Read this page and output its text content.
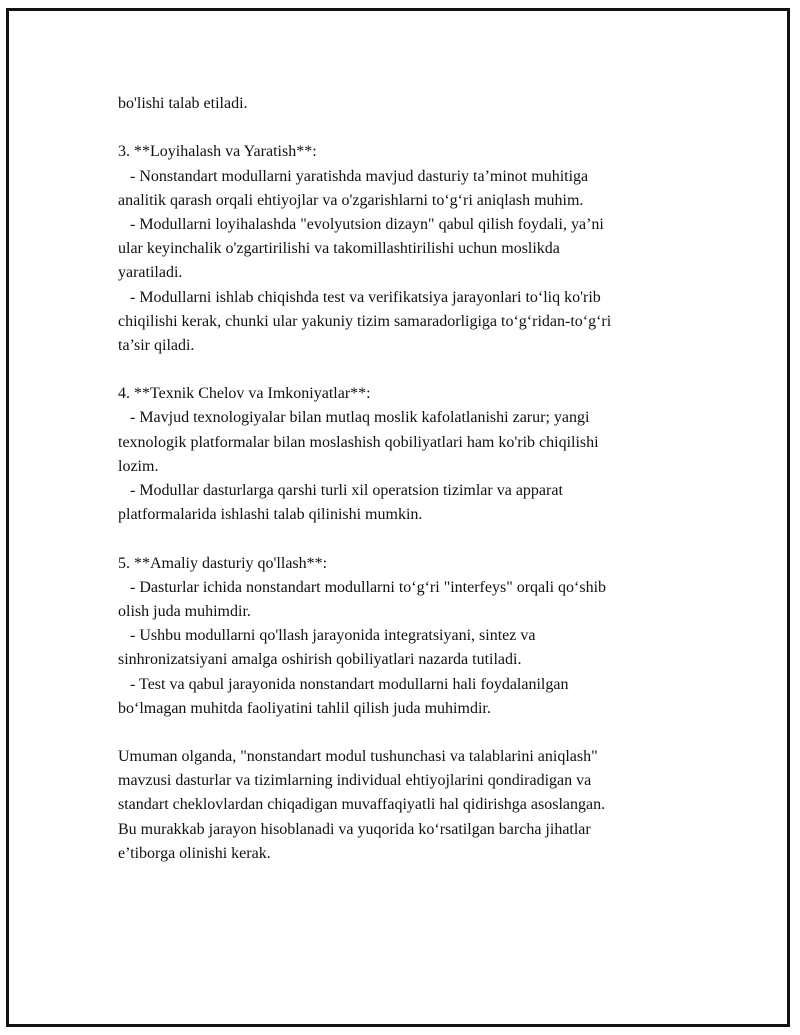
bo'lishi talab etiladi.
3. **Loyihalash va Yaratish**:
- Nonstandart modullarni yaratishda mavjud dasturiy ta’minot muhitiga
analitik qarash orqali ehtiyojlar va o'zgarishlarni to‘g‘ri aniqlash muhim.
- Modullarni loyihalashda "evolyutsion dizayn" qabul qilish foydali, ya’ni
ular keyinchalik o'zgartirilishi va takomillashtirilishi uchun moslikda
yaratiladi.
- Modullarni ishlab chiqishda test va verifikatsiya jarayonlari to‘liq ko'rib
chiqilishi kerak, chunki ular yakuniy tizim samaradorligiga to‘g‘ridan-to‘g‘ri
ta’sir qiladi.
4. **Texnik Chelov va Imkoniyatlar**:
- Mavjud texnologiyalar bilan mutlaq moslik kafolatlanishi zarur; yangi
texnologik platformalar bilan moslashish qobiliyatlari ham ko'rib chiqilishi
lozim.
- Modullar dasturlarga qarshi turli xil operatsion tizimlar va apparat
platformalarida ishlashi talab qilinishi mumkin.
5. **Amaliy dasturiy qo'llash**:
- Dasturlar ichida nonstandart modullarni to‘g‘ri "interfeys" orqali qo‘shib
olish juda muhimdir.
- Ushbu modullarni qo'llash jarayonida integratsiyani, sintez va
sinhronizatsiyani amalga oshirish qobiliyatlari nazarda tutiladi.
- Test va qabul jarayonida nonstandart modullarni hali foydalanilgan
bo‘lmagan muhitda faoliyatini tahlil qilish juda muhimdir.
Umuman olganda, "nonstandart modul tushunchasi va talablarini aniqlash"
mavzusi dasturlar va tizimlarning individual ehtiyojlarini qondiradigan va
standart cheklovlardan chiqadigan muvaffaqiyatli hal qidirishga asoslangan.
Bu murakkab jarayon hisoblanadi va yuqorida ko‘rsatilgan barcha jihatlar
e’tiborga olinishi kerak.
